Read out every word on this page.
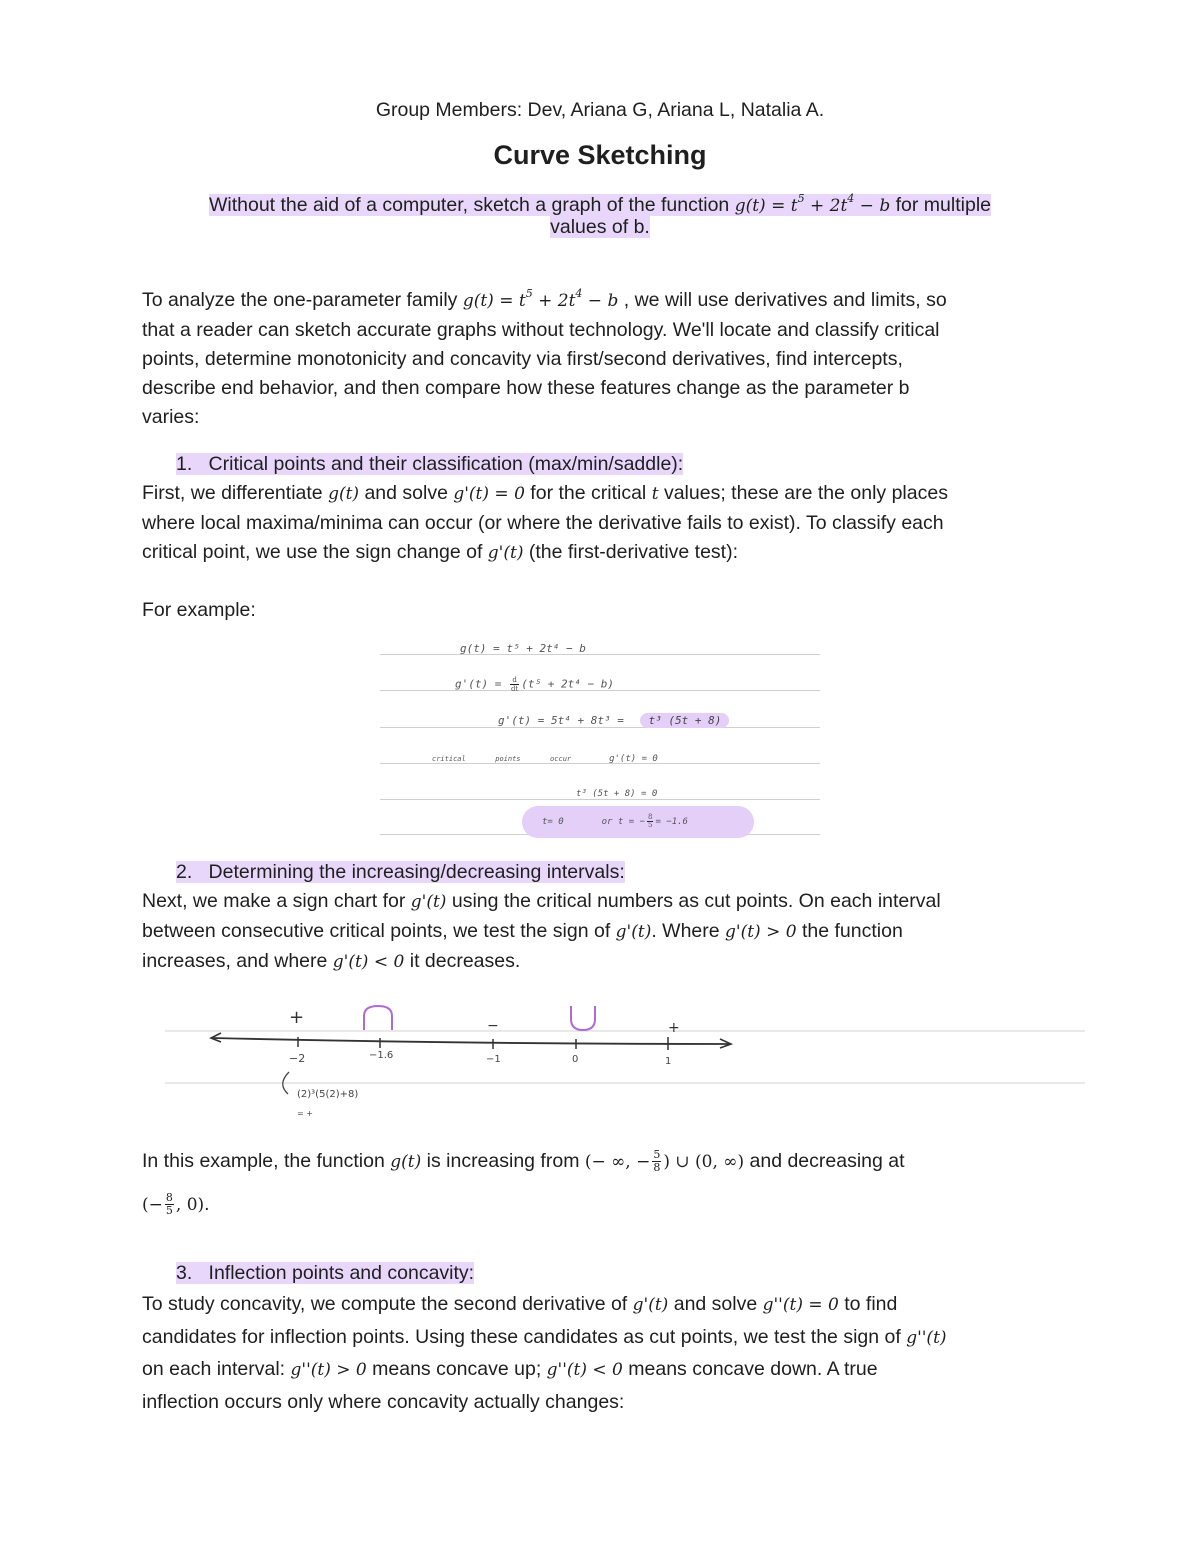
Group Members: Dev, Ariana G, Ariana L, Natalia A.
Curve Sketching
Without the aid of a computer, sketch a graph of the function $g(t) = t^5 + 2t^4 - b$ for multiple
values of b.
To analyze the one-parameter family $g(t) = t^5 + 2t^4 - b$ , we will use derivatives and limits, so
that a reader can sketch accurate graphs without technology. We'll locate and classify critical
points, determine monotonicity and concavity via first/second derivatives, find intercepts,
describe end behavior, and then compare how these features change as the parameter b
varies:
1. Critical points and their classification (max/min/saddle):
First, we differentiate g(t) and solve g'(t) = 0 for the critical t values; these are the only places
where local maxima/minima can occur (or where the derivative fails to exist). To classify each
critical point, we use the sign change of g'(t) (the first-derivative test):
For example:
g(t) = t⁵ + 2t⁴ − b
$g'(t) = \frac{d}{dt} (t^5 + 2t^4 - b)$
g'(t) = 5t⁴ + 8t³ = t³ (5t + 8)
critical	points	occur	g'(t) = 0
t³ (5t + 8) = 0
t= 0	or t = − $\frac{8}{5} = -1.6$
2. Determining the increasing/decreasing intervals:
Next, we make a sign chart for g'(t) using the critical numbers as cut points. On each interval
between consecutive critical points, we test the sign of g'(t). Where g'(t) > 0 the function
increases, and where g'(t) < 0 it decreases.
+	−	+
−2	−1.6	−1	0	1
(2)³(5(2)+8)
= +
In this example, the function g(t) is increasing from (− ∞, − $\frac{5}{8}$ ) ∪ (0, ∞) and decreasing at
(− $\frac{8}{5}$ , 0).
3. Inflection points and concavity:
To study concavity, we compute the second derivative of g'(t) and solve g''(t) = 0 to find
candidates for inflection points. Using these candidates as cut points, we test the sign of g''(t)
on each interval: g''(t) > 0 means concave up; g''(t) < 0 means concave down. A true
inflection occurs only where concavity actually changes:
